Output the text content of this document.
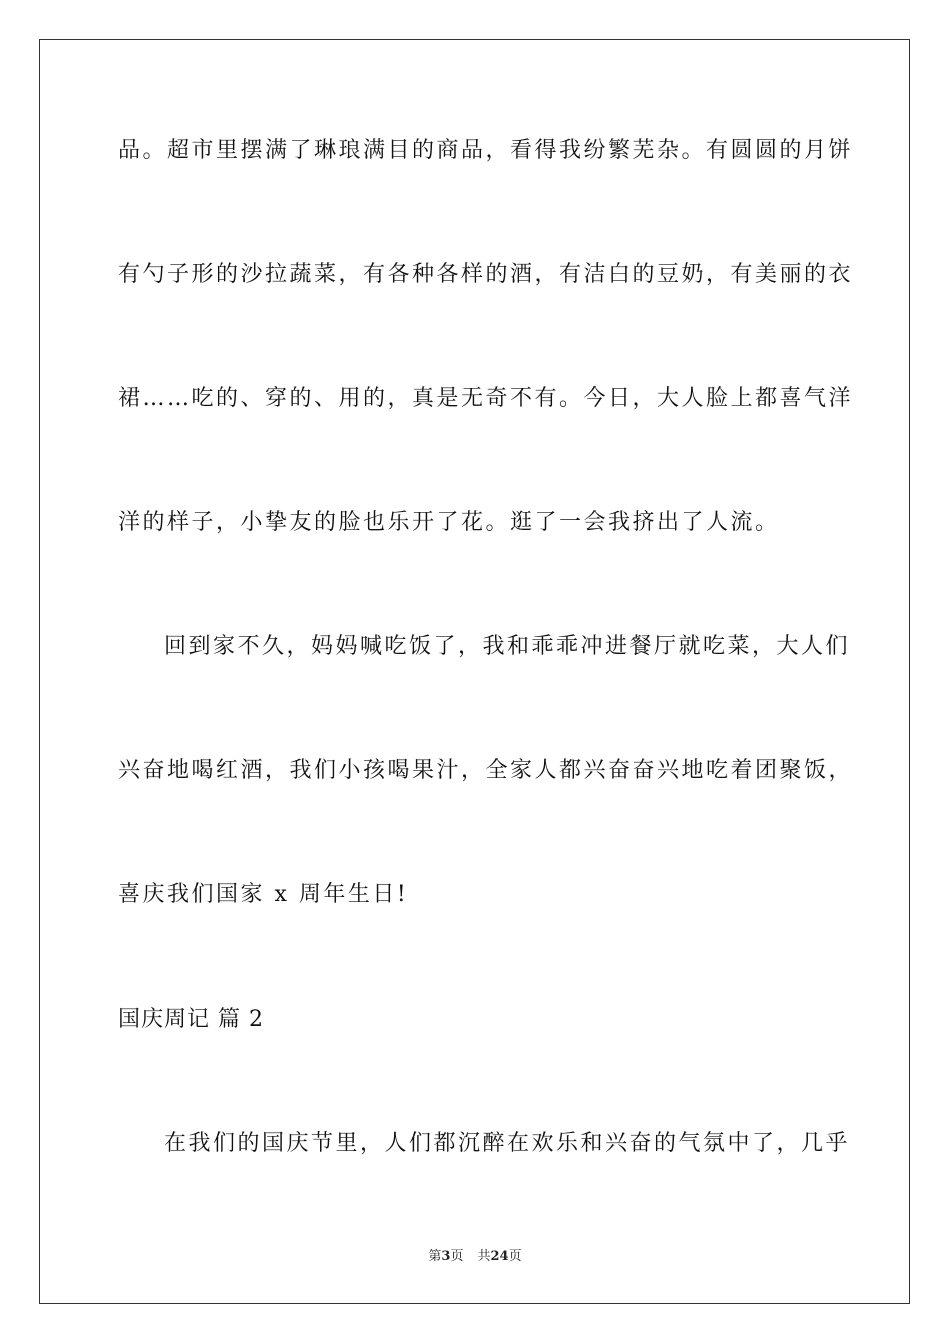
品。超市里摆满了琳琅满目的商品，看得我纷繁芜杂。有圆圆的月饼
有勺子形的沙拉蔬菜，有各种各样的酒，有洁白的豆奶，有美丽的衣
裙……吃的、穿的、用的，真是无奇不有。今日，大人脸上都喜气洋
洋的样子，小挚友的脸也乐开了花。逛了一会我挤出了人流。
回到家不久，妈妈喊吃饭了，我和乖乖冲进餐厅就吃菜，大人们
兴奋地喝红酒，我们小孩喝果汁，全家人都兴奋奋兴地吃着团聚饭，
喜庆我们国家 x 周年生日!
国庆周记 篇 2
在我们的国庆节里，人们都沉醉在欢乐和兴奋的气氛中了，几乎
第3页 共24页
